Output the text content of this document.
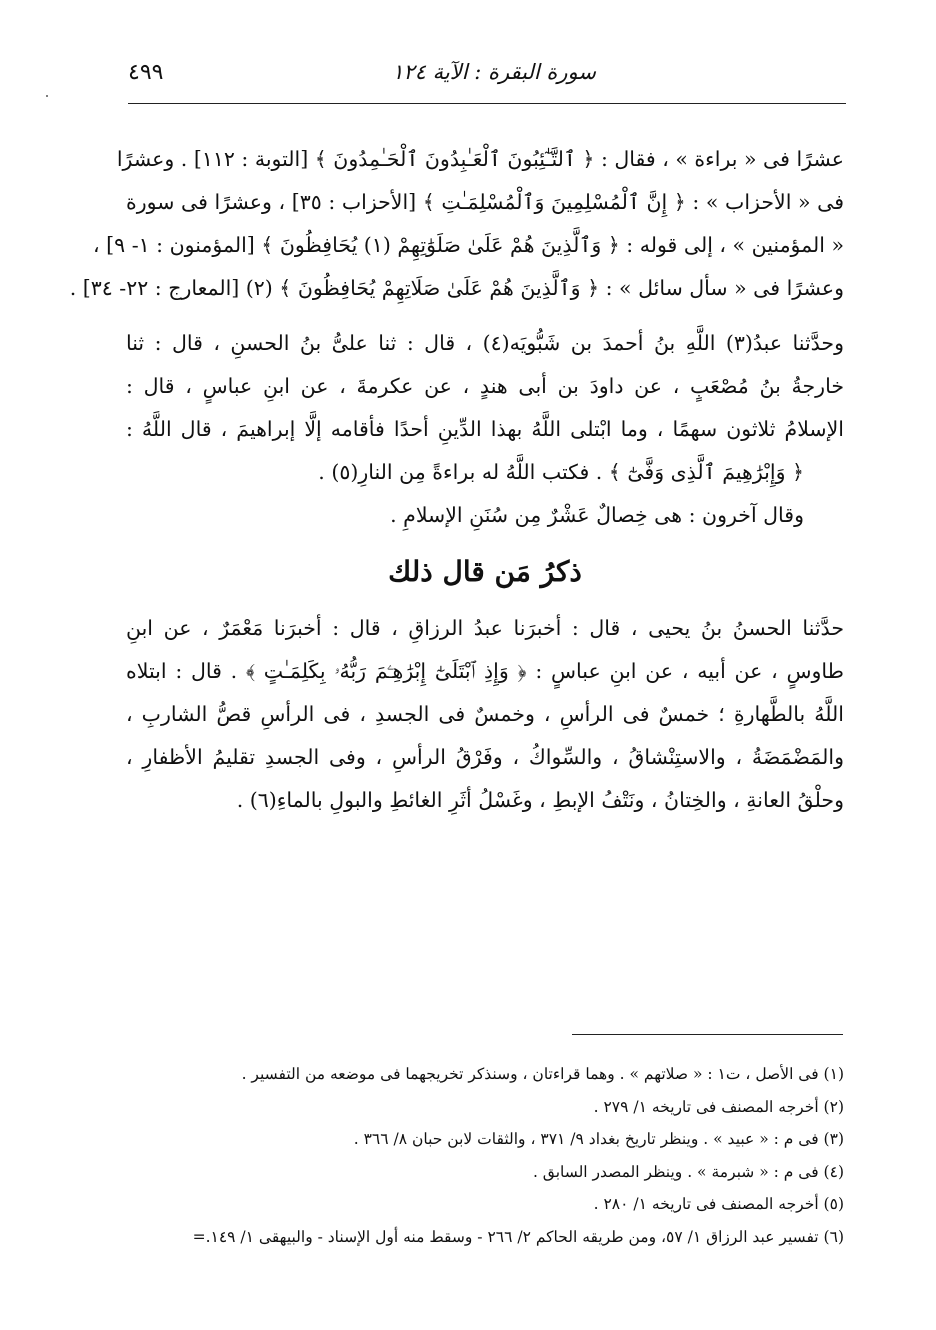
سورة البقرة : الآية ١٢٤
٤٩٩
عشرًا فى « براءة » ، فقال : ﴿ ٱلتَّـٰٓئِبُونَ ٱلْعَـٰبِدُونَ ٱلْحَـٰمِدُونَ ﴾ [التوبة : ١١٢] . وعشرًا
فى « الأحزاب » : ﴿ إِنَّ ٱلْمُسْلِمِينَ وَٱلْمُسْلِمَـٰتِ ﴾ [الأحزاب : ٣٥] ، وعشرًا فى سورة
« المؤمنين » ، إلى قوله : ﴿ وَٱلَّذِينَ هُمْ عَلَىٰ صَلَوَٰتِهِمْ (١) يُحَافِظُونَ ﴾ [المؤمنون : ١- ٩] ،
وعشرًا فى « سأل سائل » : ﴿ وَٱلَّذِينَ هُمْ عَلَىٰ صَلَاتِهِمْ يُحَافِظُونَ ﴾ (٢) [المعارج : ٢٢- ٣٤] .
وحدَّثنا عبدُ(٣) اللَّهِ بنُ أحمدَ بن شَبُّويَه(٤) ، قال : ثنا علىُّ بنُ الحسنِ ، قال : ثنا
خارجةُ بنُ مُصْعَبٍ ، عن داودَ بن أبى هندٍ ، عن عكرمةَ ، عن ابنِ عباسٍ ، قال :
الإسلامُ ثلاثون سهمًا ، وما ابْتلى اللَّهُ بهذا الدِّينِ أحدًا فأقامه إلَّا إبراهيمَ ، قال اللَّهُ :
﴿ وَإِبْرَٰهِيمَ ٱلَّذِى وَفَّىٰٓ ﴾ . فكتب اللَّهُ له براءةً مِن النارِ(٥) .
وقال آخرون : هى خِصالٌ عَشْرٌ مِن سُنَنِ الإسلامِ .
ذكرُ مَن قال ذلك
حدَّثنا الحسنُ بنُ يحيى ، قال : أخبرَنا عبدُ الرزاقِ ، قال : أخبرَنا مَعْمَرٌ ، عن ابنِ
طاوسٍ ، عن أبيه ، عن ابنِ عباسٍ : ﴿ وَإِذِ ٱبْتَلَىٰٓ إِبْرَٰهِـۧمَ رَبُّهُۥ بِكَلِمَـٰتٍ ﴾ . قال : ابتلاه
اللَّهُ بالطَّهارةِ ؛ خمسٌ فى الرأسِ ، وخمسٌ فى الجسدِ ، فى الرأسِ قصُّ الشاربِ ،
والمَضْمَضَةُ ، والاستِنْشاقُ ، والسِّواكُ ، وفَرْقُ الرأسِ ، وفى الجسدِ تقليمُ الأظفارِ ،
وحلْقُ العانةِ ، والخِتانُ ، ونَتْفُ الإبطِ ، وغَسْلُ أثَرِ الغائطِ والبولِ بالماءِ(٦) .
(١) فى الأصل ، ت١ : « صلاتهم » . وهما قراءتان ، وسنذكر تخريجهما فى موضعه من التفسير .
(٢) أخرجه المصنف فى تاريخه ١/ ٢٧٩ .
(٣) فى م : « عبيد » . وينظر تاريخ بغداد ٩/ ٣٧١ ، والثقات لابن حبان ٨/ ٣٦٦ .
(٤) فى م : « شبرمة » . وينظر المصدر السابق .
(٥) أخرجه المصنف فى تاريخه ١/ ٢٨٠ .
(٦) تفسير عبد الرزاق ١/ ٥٧، ومن طريقه الحاكم ٢/ ٢٦٦ - وسقط منه أول الإسناد - والبيهقى ١/ ١٤٩.=
